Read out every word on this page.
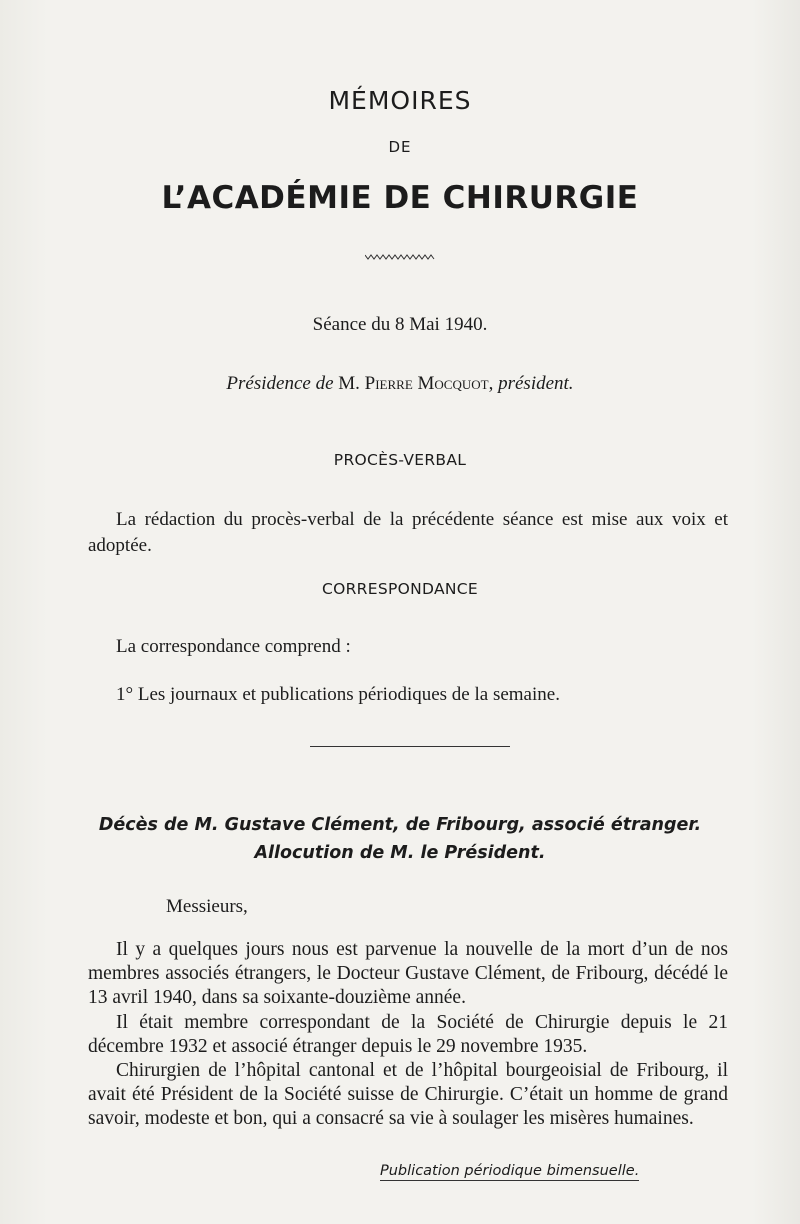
MÉMOIRES
DE
L’ACADÉMIE DE CHIRURGIE
Séance du 8 Mai 1940.
Présidence de M. Pierre Mocquot, président.
PROCÈS-VERBAL

La rédaction du procès-verbal de la précédente séance est mise aux voix et adoptée.

CORRESPONDANCE

La correspondance comprend :

1° Les journaux et publications périodiques de la semaine.

Décès de M. Gustave Clément, de Fribourg, associé étranger.
Allocution de M. le Président.
Messieurs,

Il y a quelques jours nous est parvenue la nouvelle de la mort d’un de nos membres associés étrangers, le Docteur Gustave Clément, de Fribourg, décédé le 13 avril 1940, dans sa soixante-douzième année.

Il était membre correspondant de la Société de Chirurgie depuis le 21 décembre 1932 et associé étranger depuis le 29 novembre 1935.

Chirurgien de l’hôpital cantonal et de l’hôpital bourgeoisial de Fribourg, il avait été Président de la Société suisse de Chirurgie. C’était un homme de grand savoir, modeste et bon, qui a consacré sa vie à soulager les misères humaines.

Publication périodique bimensuelle.
